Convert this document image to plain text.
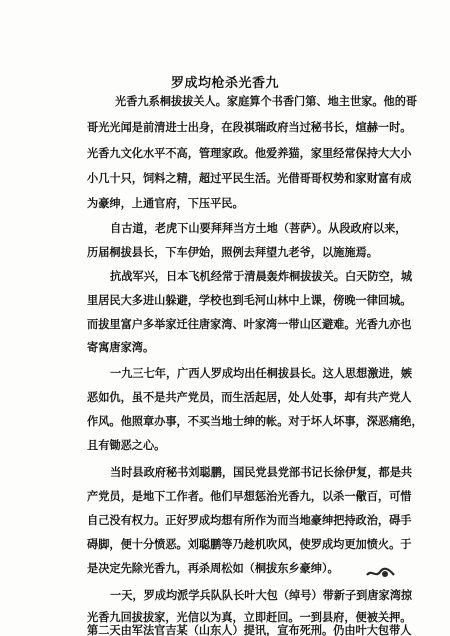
罗成均枪杀光香九
光香九系桐拔拔关人。家庭算个书香门第、地主世家。他的哥
哥光光闻是前清进士出身，在段祺瑞政府当过秘书长，煊赫一时。
光香九文化水平不高，管理家政。他爱养猫，家里经常保持大大小
小几十只，饲料之精，超过平民生活。光借哥哥权势和家财富有成
为豪绅，上通官府，下压平民。
自古道，老虎下山要拜拜当方土地（菩萨）。从段政府以来，
历届桐拔县长，下车伊始，照例去拜望九老爷，以施施焉。
抗战军兴，日本飞机经常于清晨轰炸桐拔拔关。白天防空，城
里居民大多进山躲避，学校也到毛河山林中上课，傍晚一律回城。
而拔里富户多举家迁往唐家湾、叶家湾一带山区避难。光香九亦也
寄寓唐家湾。
一九三七年，广西人罗成均出任桐拔县长。这人思想激进，嫉
恶如仇，虽不是共产党员，而生活起居，处人处事，却有共产党人
作风。他照章办事，不买当地士绅的帐。对于坏人坏事，深恶痛绝，
且有锄恶之心。
当时县政府秘书刘聪鹏，国民党县党部书记长徐伊复，都是共
产党员，是地下工作者。他们早想惩治光香九，以杀一儆百，可惜
自己没有权力。正好罗成均想有所作为而当地豪绅把持政治，碍手
碍脚，便十分愤恶。刘聪鹏等乃趁机吹风，使罗成均更加愤火。于
是决定先除光香九，再杀周松如（桐拔东乡豪绅）。
一天，罗成均派学兵队队长叶大包（绰号）带新子到唐家湾掠
光香九回拔拔家，光信以为真，立即赶回。一到县府，便被关押。
第二天由军法官吉某（山东人）提讯，宣布死刑。仍由叶大包带人
